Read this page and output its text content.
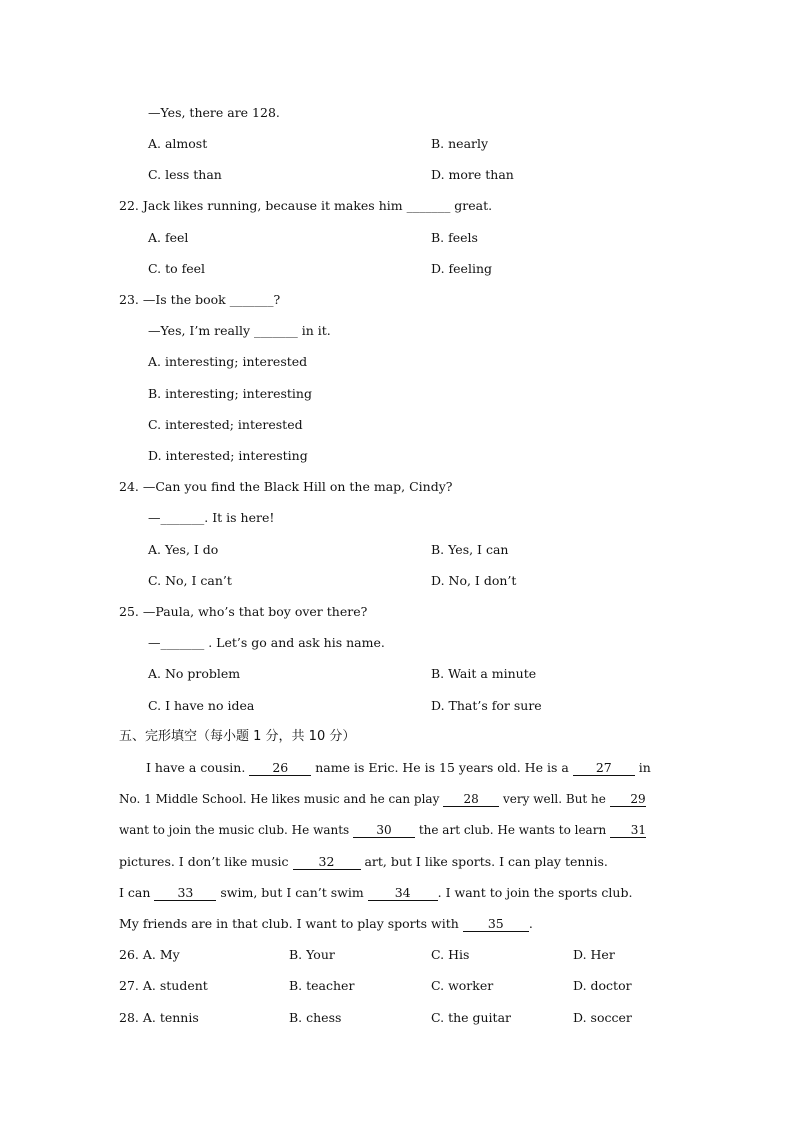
—Yes, there are 128.
A. almost	B. nearly
C. less than	D. more than
22. Jack likes running, because it makes him _______ great.
A. feel	B. feels
C. to feel	D. feeling
23. —Is the book _______?
—Yes, I’m really _______ in it.
A. interesting; interested
B. interesting; interesting
C. interested; interested
D. interested; interesting
24. —Can you find the Black Hill on the map, Cindy?
—_______. It is here!
A. Yes, I do	B. Yes, I can
C. No, I can’t	D. No, I don’t
25. —Paula, who’s that boy over there?
—_______ . Let’s go and ask his name.
A. No problem	B. Wait a minute
C. I have no idea	D. That’s for sure
五、完形填空（每小题 1 分，共 10 分）
I have a cousin. 26 name is Eric. He is 15 years old. He is a 27 in
No. 1 Middle School. He likes music and he can play 28 very well. But he 29
want to join the music club. He wants 30 the art club. He wants to learn 31
pictures. I don’t like music 32 art, but I like sports. I can play tennis.
I can 33 swim, but I can’t swim 34 . I want to join the sports club.
My friends are in that club. I want to play sports with 35 .
26. A. My	B. Your	C. His	D. Her
27. A. student	B. teacher	C. worker	D. doctor
28. A. tennis	B. chess	C. the guitar	D. soccer
